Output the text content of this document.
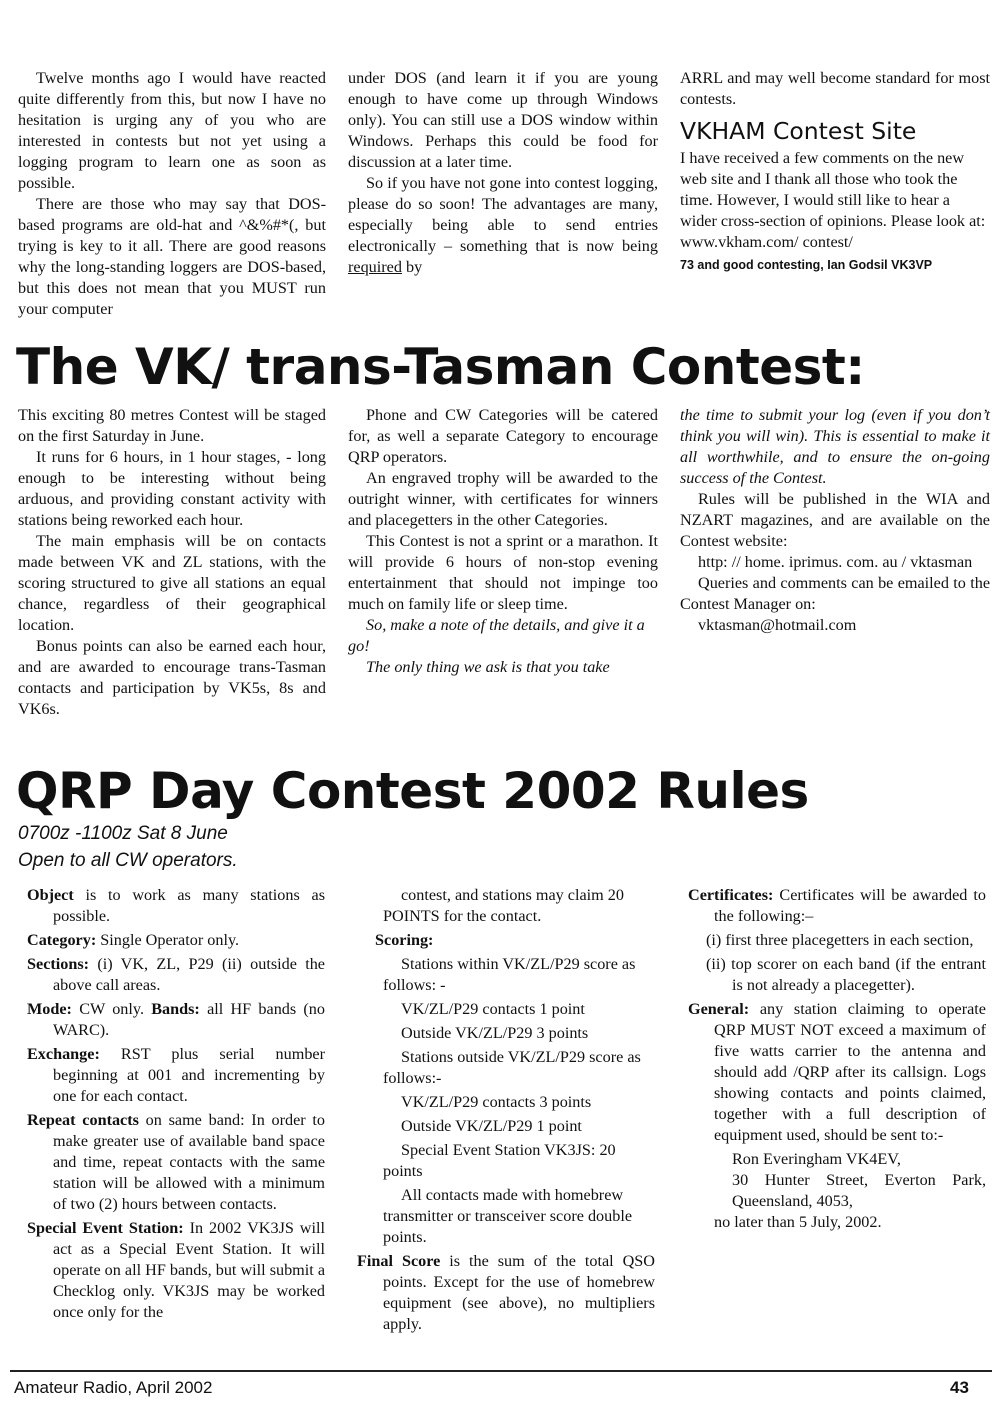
Twelve months ago I would have reacted quite differently from this, but now I have no hesitation is urging any of you who are interested in contests but not yet using a logging program to learn one as soon as possible.

There are those who may say that DOS-based programs are old-hat and ^&%#*(, but trying is key to it all. There are good reasons why the long-standing loggers are DOS-based, but this does not mean that you MUST run your computer

under DOS (and learn it if you are young enough to have come up through Windows only). You can still use a DOS window within Windows. Perhaps this could be food for discussion at a later time.

So if you have not gone into contest logging, please do so soon! The advantages are many, especially being able to send entries electronically – something that is now being required by

ARRL and may well become standard for most contests.

VKHAM Contest Site

I have received a few comments on the new web site and I thank all those who took the time. However, I would still like to hear a wider cross-section of opinions. Please look at: www.vkham.com/ contest/

73 and good contesting, Ian Godsil VK3VP
The VK/ trans-Tasman Contest:

This exciting 80 metres Contest will be staged on the first Saturday in June.

It runs for 6 hours, in 1 hour stages, - long enough to be interesting without being arduous, and providing constant activity with stations being reworked each hour.

The main emphasis will be on contacts made between VK and ZL stations, with the scoring structured to give all stations an equal chance, regardless of their geographical location.

Bonus points can also be earned each hour, and are awarded to encourage trans-Tasman contacts and participation by VK5s, 8s and VK6s.

Phone and CW Categories will be catered for, as well a separate Category to encourage QRP operators.

An engraved trophy will be awarded to the outright winner, with certificates for winners and placegetters in the other Categories.

This Contest is not a sprint or a marathon. It will provide 6 hours of non-stop evening entertainment that should not impinge too much on family life or sleep time.

So, make a note of the details, and give it a go!

The only thing we ask is that you take

the time to submit your log (even if you don’t think you will win). This is essential to make it all worthwhile, and to ensure the on-going success of the Contest.

Rules will be published in the WIA and NZART magazines, and are available on the Contest website:

http: // home. iprimus. com. au / vktasman

Queries and comments can be emailed to the Contest Manager on:

vktasman@hotmail.com

QRP Day Contest 2002 Rules
0700z -1100z Sat 8 June
Open to all CW operators.

Object is to work as many stations as possible.

Category: Single Operator only.

Sections: (i) VK, ZL, P29 (ii) outside the above call areas.

Mode: CW only. Bands: all HF bands (no WARC).

Exchange: RST plus serial number beginning at 001 and incrementing by one for each contact.

Repeat contacts on same band: In order to make greater use of available band space and time, repeat contacts with the same station will be allowed with a minimum of two (2) hours between contacts.

Special Event Station: In 2002 VK3JS will act as a Special Event Station. It will operate on all HF bands, but will submit a Checklog only. VK3JS may be worked once only for the

contest, and stations may claim 20 POINTS for the contact.

Scoring:

Stations within VK/ZL/P29 score as follows: -

VK/ZL/P29 contacts 1 point

Outside VK/ZL/P29 3 points

Stations outside VK/ZL/P29 score as follows:-

VK/ZL/P29 contacts 3 points

Outside VK/ZL/P29 1 point

Special Event Station VK3JS: 20 points

All contacts made with homebrew transmitter or transceiver score double points.

Final Score is the sum of the total QSO points. Except for the use of homebrew equipment (see above), no multipliers apply.

Certificates: Certificates will be awarded to the following:–

(i) first three placegetters in each section,

(ii) top scorer on each band (if the entrant is not already a placegetter).

General: any station claiming to operate QRP MUST NOT exceed a maximum of five watts carrier to the antenna and should add /QRP after its callsign. Logs showing contacts and points claimed, together with a full description of equipment used, should be sent to:-

Ron Everingham VK4EV,

30 Hunter Street, Everton Park, Queensland, 4053,

no later than 5 July, 2002.

Amateur Radio, April 2002	43
